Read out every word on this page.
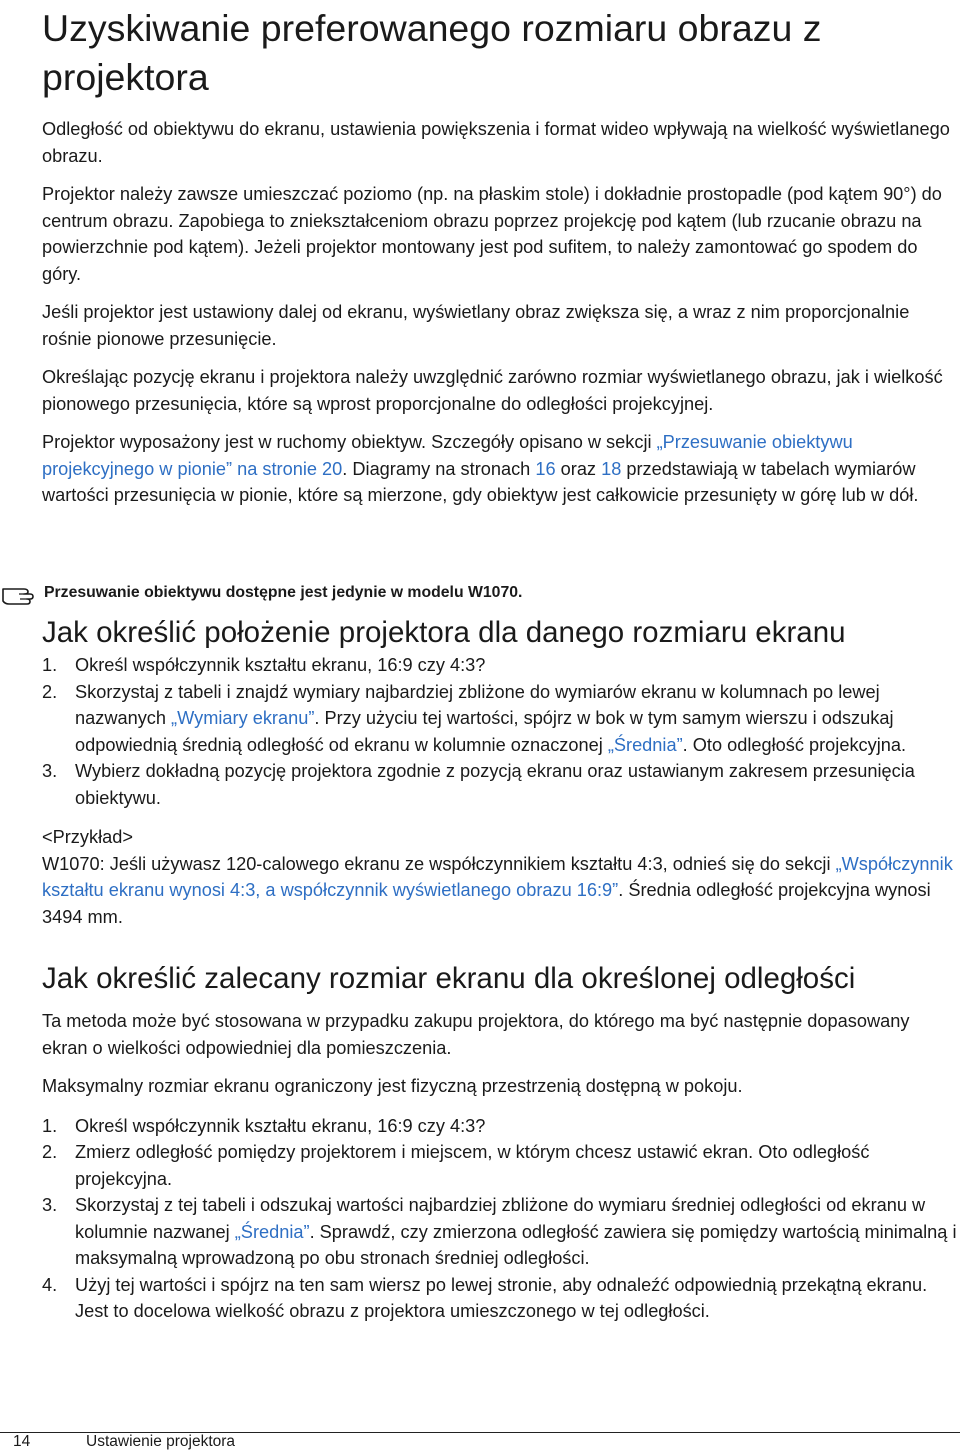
Uzyskiwanie preferowanego rozmiaru obrazu z projektora

Odległość od obiektywu do ekranu, ustawienia powiększenia i format wideo wpływają na wielkość wyświetlanego obrazu.

Projektor należy zawsze umieszczać poziomo (np. na płaskim stole) i dokładnie prostopadle (pod kątem 90°) do centrum obrazu. Zapobiega to zniekształceniom obrazu poprzez projekcję pod kątem (lub rzucanie obrazu na powierzchnie pod kątem). Jeżeli projektor montowany jest pod sufitem, to należy zamontować go spodem do góry.

Jeśli projektor jest ustawiony dalej od ekranu, wyświetlany obraz zwiększa się, a wraz z nim proporcjonalnie rośnie pionowe przesunięcie.

Określając pozycję ekranu i projektora należy uwzględnić zarówno rozmiar wyświetlanego obrazu, jak i wielkość pionowego przesunięcia, które są wprost proporcjonalne do odległości projekcyjnej.

Projektor wyposażony jest w ruchomy obiektyw. Szczegóły opisano w sekcji „Przesuwanie obiektywu projekcyjnego w pionie” na stronie 20. Diagramy na stronach 16 oraz 18 przedstawiają w tabelach wymiarów wartości przesunięcia w pionie, które są mierzone, gdy obiektyw jest całkowicie przesunięty w górę lub w dół.

Przesuwanie obiektywu dostępne jest jedynie w modelu W1070.
Jak określić położenie projektora dla danego rozmiaru ekranu
1. Określ współczynnik kształtu ekranu, 16:9 czy 4:3?
2. Skorzystaj z tabeli i znajdź wymiary najbardziej zbliżone do wymiarów ekranu w kolumnach po lewej nazwanych „Wymiary ekranu”. Przy użyciu tej wartości, spójrz w bok w tym samym wierszu i odszukaj odpowiednią średnią odległość od ekranu w kolumnie oznaczonej „Średnia”. Oto odległość projekcyjna.
3. Wybierz dokładną pozycję projektora zgodnie z pozycją ekranu oraz ustawianym zakresem przesunięcia obiektywu.

<Przykład>

W1070: Jeśli używasz 120-calowego ekranu ze współczynnikiem kształtu 4:3, odnieś się do sekcji „Współczynnik kształtu ekranu wynosi 4:3, a współczynnik wyświetlanego obrazu 16:9”. Średnia odległość projekcyjna wynosi 3494 mm.

Jak określić zalecany rozmiar ekranu dla określonej odległości

Ta metoda może być stosowana w przypadku zakupu projektora, do którego ma być następnie dopasowany ekran o wielkości odpowiedniej dla pomieszczenia.

Maksymalny rozmiar ekranu ograniczony jest fizyczną przestrzenią dostępną w pokoju.

1. Określ współczynnik kształtu ekranu, 16:9 czy 4:3?
2. Zmierz odległość pomiędzy projektorem i miejscem, w którym chcesz ustawić ekran. Oto odległość projekcyjna.
3. Skorzystaj z tej tabeli i odszukaj wartości najbardziej zbliżone do wymiaru średniej odległości od ekranu w kolumnie nazwanej „Średnia”. Sprawdź, czy zmierzona odległość zawiera się pomiędzy wartością minimalną i maksymalną wprowadzoną po obu stronach średniej odległości.
4. Użyj tej wartości i spójrz na ten sam wiersz po lewej stronie, aby odnaleźć odpowiednią przekątną ekranu. Jest to docelowa wielkość obrazu z projektora umieszczonego w tej odległości.
14	Ustawienie projektora
